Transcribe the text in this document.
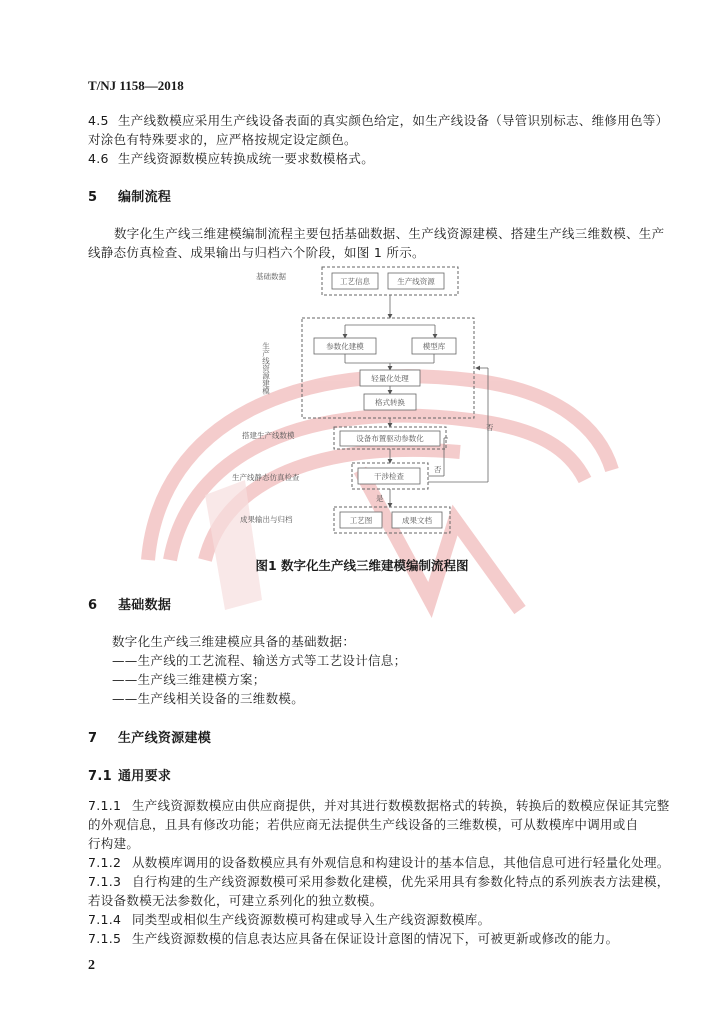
T/NJ 1158—2018
4.5 生产线数模应采用生产线设备表面的真实颜色给定，如生产线设备（导管识别标志、维修用色等）
对涂色有特殊要求的，应严格按规定设定颜色。
4.6 生产线资源数模应转换成统一要求数模格式。
5 编制流程
数字化生产线三维建模编制流程主要包括基础数据、生产线资源建模、搭建生产线三维数模、生产
线静态仿真检查、成果输出与归档六个阶段，如图 1 所示。
基础数据
工艺信息	生产线资源
生产线资源建模	参数化建模	模型库
轻量化处理
格式转换
搭建生产线数模	设备布置驱动参数化
生产线静态仿真检查	干涉检查
否
否
是
成果输出与归档	工艺图	成果文档
图1 数字化生产线三维建模编制流程图
6 基础数据
数字化生产线三维建模应具备的基础数据：
——生产线的工艺流程、输送方式等工艺设计信息；
——生产线三维建模方案；
——生产线相关设备的三维数模。
7 生产线资源建模
7.1 通用要求
7.1.1 生产线资源数模应由供应商提供，并对其进行数模数据格式的转换，转换后的数模应保证其完整
的外观信息，且具有修改功能；若供应商无法提供生产线设备的三维数模，可从数模库中调用或自
行构建。
7.1.2 从数模库调用的设备数模应具有外观信息和构建设计的基本信息，其他信息可进行轻量化处理。
7.1.3 自行构建的生产线资源数模可采用参数化建模，优先采用具有参数化特点的系列族表方法建模，
若设备数模无法参数化，可建立系列化的独立数模。
7.1.4 同类型或相似生产线资源数模可构建或导入生产线资源数模库。
7.1.5 生产线资源数模的信息表达应具备在保证设计意图的情况下，可被更新或修改的能力。
2
